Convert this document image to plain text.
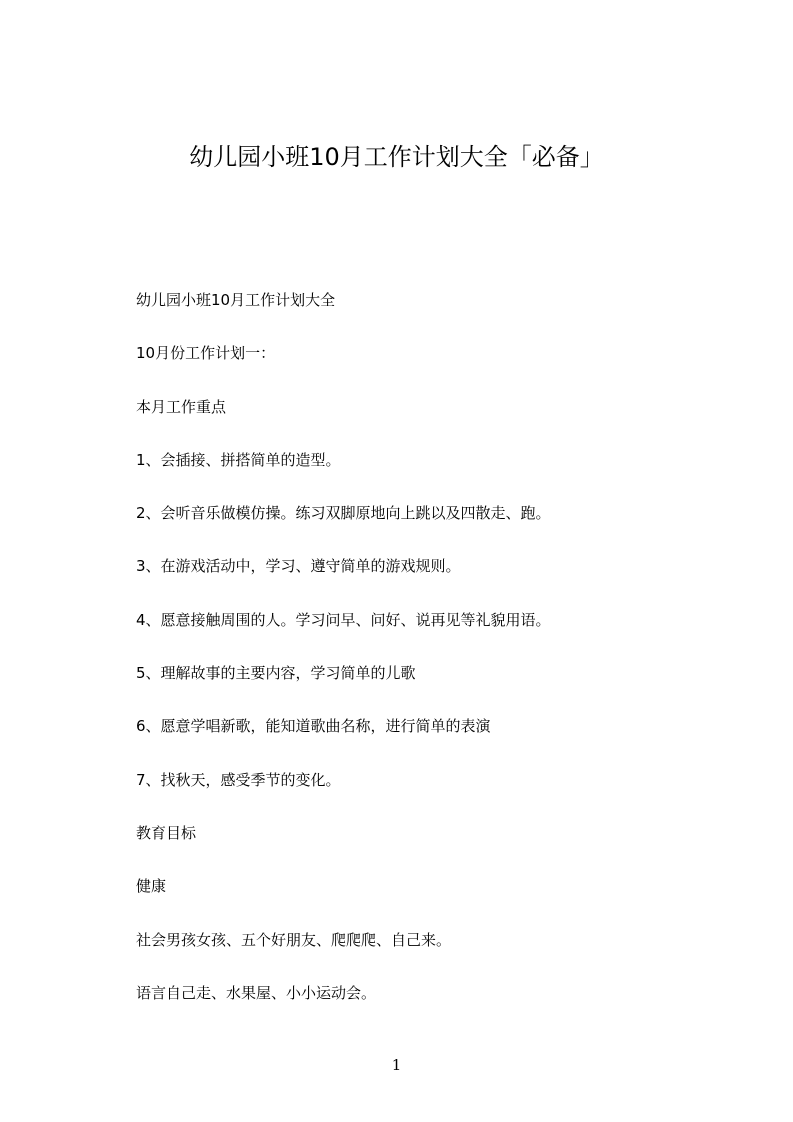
幼儿园小班10月工作计划大全「必备」
幼儿园小班10月工作计划大全
10月份工作计划一：
本月工作重点
1、会插接、拼搭简单的造型。
2、会听音乐做模仿操。练习双脚原地向上跳以及四散走、跑。
3、在游戏活动中，学习、遵守简单的游戏规则。
4、愿意接触周围的人。学习问早、问好、说再见等礼貌用语。
5、理解故事的主要内容，学习简单的儿歌
6、愿意学唱新歌，能知道歌曲名称，进行简单的表演
7、找秋天，感受季节的变化。
教育目标
健康
社会男孩女孩、五个好朋友、爬爬爬、自己来。
语言自己走、水果屋、小小运动会。
1
